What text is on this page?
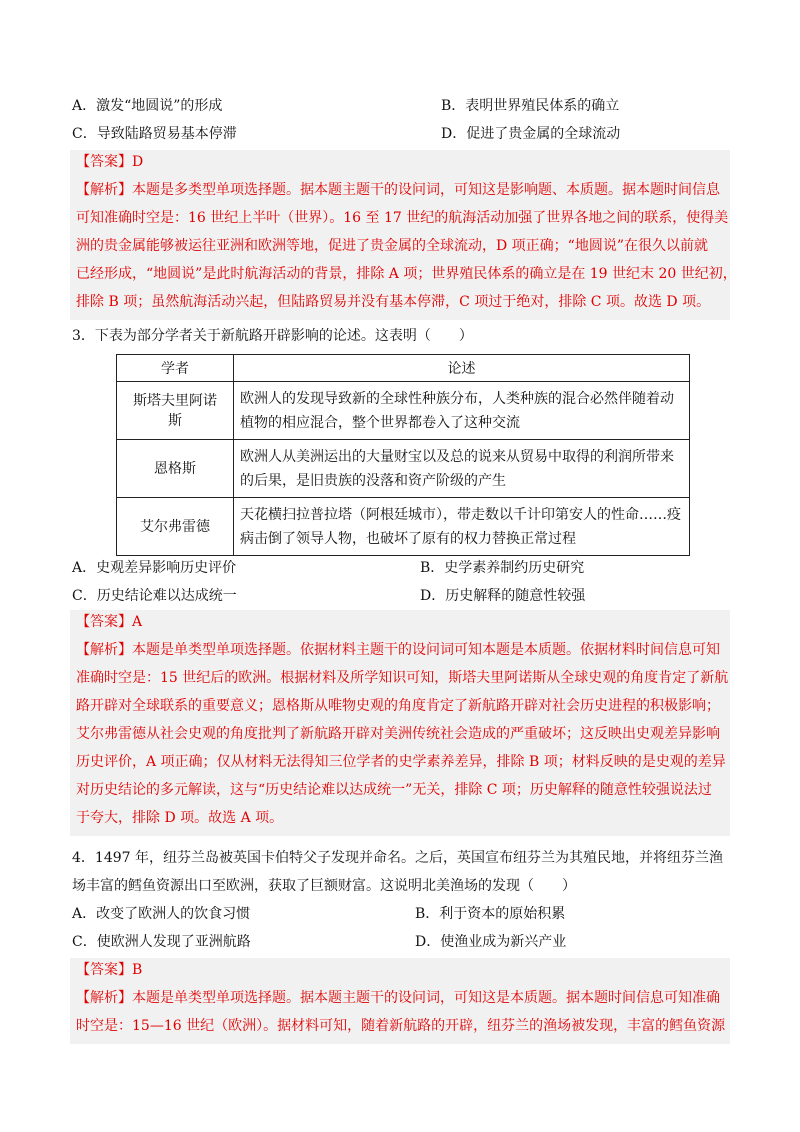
A．激发“地圆说”的形成	B．表明世界殖民体系的确立
C．导致陆路贸易基本停滞	D．促进了贵金属的全球流动
【答案】D
【解析】本题是多类型单项选择题。据本题主题干的设问词，可知这是影响题、本质题。据本题时间信息
可知准确时空是：16 世纪上半叶（世界）。16 至 17 世纪的航海活动加强了世界各地之间的联系，使得美
洲的贵金属能够被运往亚洲和欧洲等地，促进了贵金属的全球流动，D 项正确；“地圆说”在很久以前就
已经形成，“地圆说”是此时航海活动的背景，排除 A 项；世界殖民体系的确立是在 19 世纪末 20 世纪初，
排除 B 项；虽然航海活动兴起，但陆路贸易并没有基本停滞，C 项过于绝对，排除 C 项。故选 D 项。
3．下表为部分学者关于新航路开辟影响的论述。这表明（　　）
学者	论述
斯塔夫里阿诺
斯	欧洲人的发现导致新的全球性种族分布，人类种族的混合必然伴随着动
植物的相应混合，整个世界都卷入了这种交流
恩格斯	欧洲人从美洲运出的大量财宝以及总的说来从贸易中取得的利润所带来
的后果，是旧贵族的没落和资产阶级的产生
艾尔弗雷德	天花横扫拉普拉塔（阿根廷城市），带走数以千计印第安人的性命……疫
病击倒了领导人物，也破坏了原有的权力替换正常过程
A．史观差异影响历史评价	B．史学素养制约历史研究
C．历史结论难以达成统一	D．历史解释的随意性较强
【答案】A
【解析】本题是单类型单项选择题。依据材料主题干的设问词可知本题是本质题。依据材料时间信息可知
准确时空是：15 世纪后的欧洲。根据材料及所学知识可知，斯塔夫里阿诺斯从全球史观的角度肯定了新航
路开辟对全球联系的重要意义；恩格斯从唯物史观的角度肯定了新航路开辟对社会历史进程的积极影响；
艾尔弗雷德从社会史观的角度批判了新航路开辟对美洲传统社会造成的严重破坏；这反映出史观差异影响
历史评价，A 项正确；仅从材料无法得知三位学者的史学素养差异，排除 B 项；材料反映的是史观的差异
对历史结论的多元解读，这与“历史结论难以达成统一”无关，排除 C 项；历史解释的随意性较强说法过
于夸大，排除 D 项。故选 A 项。
4．1497 年，纽芬兰岛被英国卡伯特父子发现并命名。之后，英国宣布纽芬兰为其殖民地，并将纽芬兰渔
场丰富的鳕鱼资源出口至欧洲，获取了巨额财富。这说明北美渔场的发现（　　）
A．改变了欧洲人的饮食习惯	B．利于资本的原始积累
C．使欧洲人发现了亚洲航路	D．使渔业成为新兴产业
【答案】B
【解析】本题是单类型单项选择题。据本题主题干的设问词，可知这是本质题。据本题时间信息可知准确
时空是：15—16 世纪（欧洲）。据材料可知，随着新航路的开辟，纽芬兰的渔场被发现，丰富的鳕鱼资源
